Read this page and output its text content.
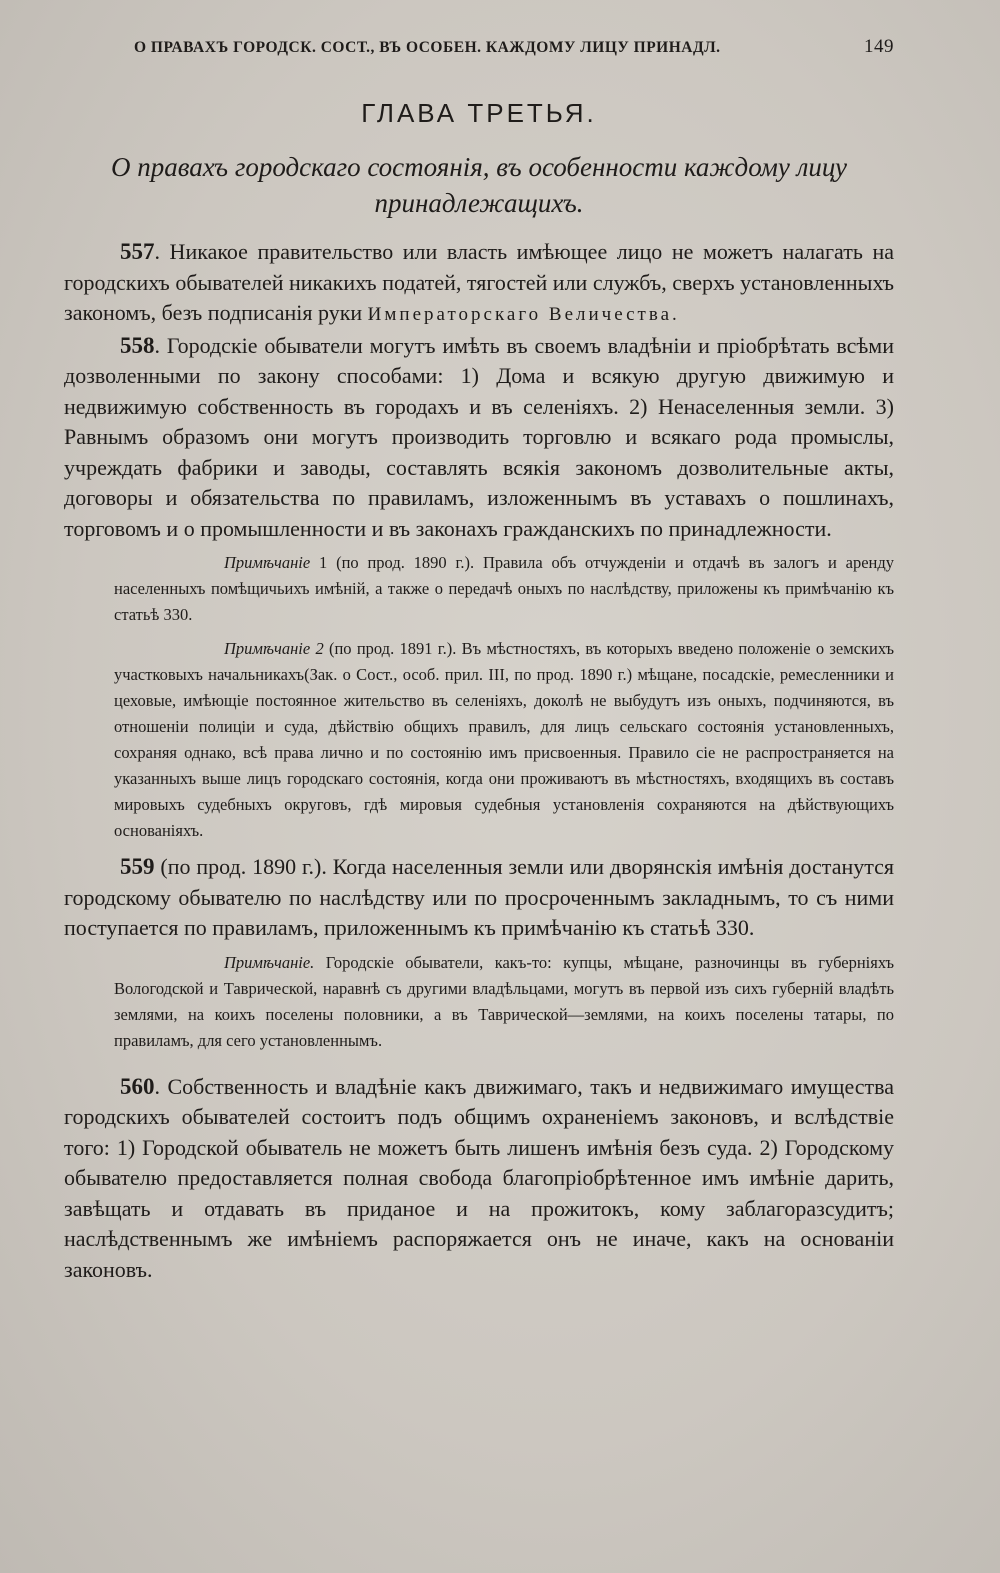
О ПРАВАХЪ ГОРОДСК. СОСТ., ВЪ ОСОБЕН. КАЖДОМУ ЛИЦУ ПРИНАДЛ.	149
ГЛАВА ТРЕТЬЯ.
О правахъ городскаго состоянія, въ особенности каждому лицу принадлежащихъ.

557. Никакое правительство или власть имѣющее лицо не можетъ налагать на городскихъ обывателей никакихъ податей, тягостей или службъ, сверхъ установленныхъ закономъ, безъ подписанія руки Императорскаго Величества.

558. Городскіе обыватели могутъ имѣть въ своемъ владѣніи и пріобрѣтать всѣми дозволенными по закону способами: 1) Дома и всякую другую движимую и недвижимую собственность въ городахъ и въ селеніяхъ. 2) Ненаселенныя земли. 3) Равнымъ образомъ они могутъ производить торговлю и всякаго рода промыслы, учреждать фабрики и заводы, составлять всякія закономъ дозволительные акты, договоры и обязательства по правиламъ, изложеннымъ въ уставахъ о пошлинахъ, торговомъ и о промышленности и въ законахъ гражданскихъ по принадлежности.

Примѣчаніе 1 (по прод. 1890 г.). Правила объ отчужденіи и отдачѣ въ залогъ и аренду населенныхъ помѣщичьихъ имѣній, а также о передачѣ оныхъ по наслѣдству, приложены къ примѣчанію къ статьѣ 330.

Примѣчаніе 2 (по прод. 1891 г.). Въ мѣстностяхъ, въ которыхъ введено положеніе о земскихъ участковыхъ начальникахъ(Зак. о Сост., особ. прил. III, по прод. 1890 г.) мѣщане, посадскіе, ремесленники и цеховые, имѣющіе постоянное жительство въ селеніяхъ, доколѣ не выбудутъ изъ оныхъ, подчиняются, въ отношеніи полиціи и суда, дѣйствію общихъ правилъ, для лицъ сельскаго состоянія установленныхъ, сохраняя однако, всѣ права лично и по состоянію имъ присвоенныя. Правило сіе не распространяется на указанныхъ выше лицъ городскаго состоянія, когда они проживаютъ въ мѣстностяхъ, входящихъ въ составъ мировыхъ судебныхъ округовъ, гдѣ мировыя судебныя установленія сохраняются на дѣйствующихъ основаніяхъ.

559 (по прод. 1890 г.). Когда населенныя земли или дворянскія имѣнія достанутся городскому обывателю по наслѣдству или по просроченнымъ закладнымъ, то съ ними поступается по правиламъ, приложеннымъ къ примѣчанію къ статьѣ 330.

Примѣчаніе. Городскіе обыватели, какъ-то: купцы, мѣщане, разночинцы въ губерніяхъ Вологодской и Таврической, наравнѣ съ другими владѣльцами, могутъ въ первой изъ сихъ губерній владѣть землями, на коихъ поселены половники, а въ Таврической—землями, на коихъ поселены татары, по правиламъ, для сего установленнымъ.

560. Собственность и владѣніе какъ движимаго, такъ и недвижимаго имущества городскихъ обывателей состоитъ подъ общимъ охраненіемъ законовъ, и вслѣдствіе того: 1) Городской обыватель не можетъ быть лишенъ имѣнія безъ суда. 2) Городскому обывателю предоставляется полная свобода благопріобрѣтенное имъ имѣніе дарить, завѣщать и отдавать въ приданое и на прожитокъ, кому заблагоразсудитъ; наслѣдственнымъ же имѣніемъ распоряжается онъ не иначе, какъ на основаніи законовъ.
